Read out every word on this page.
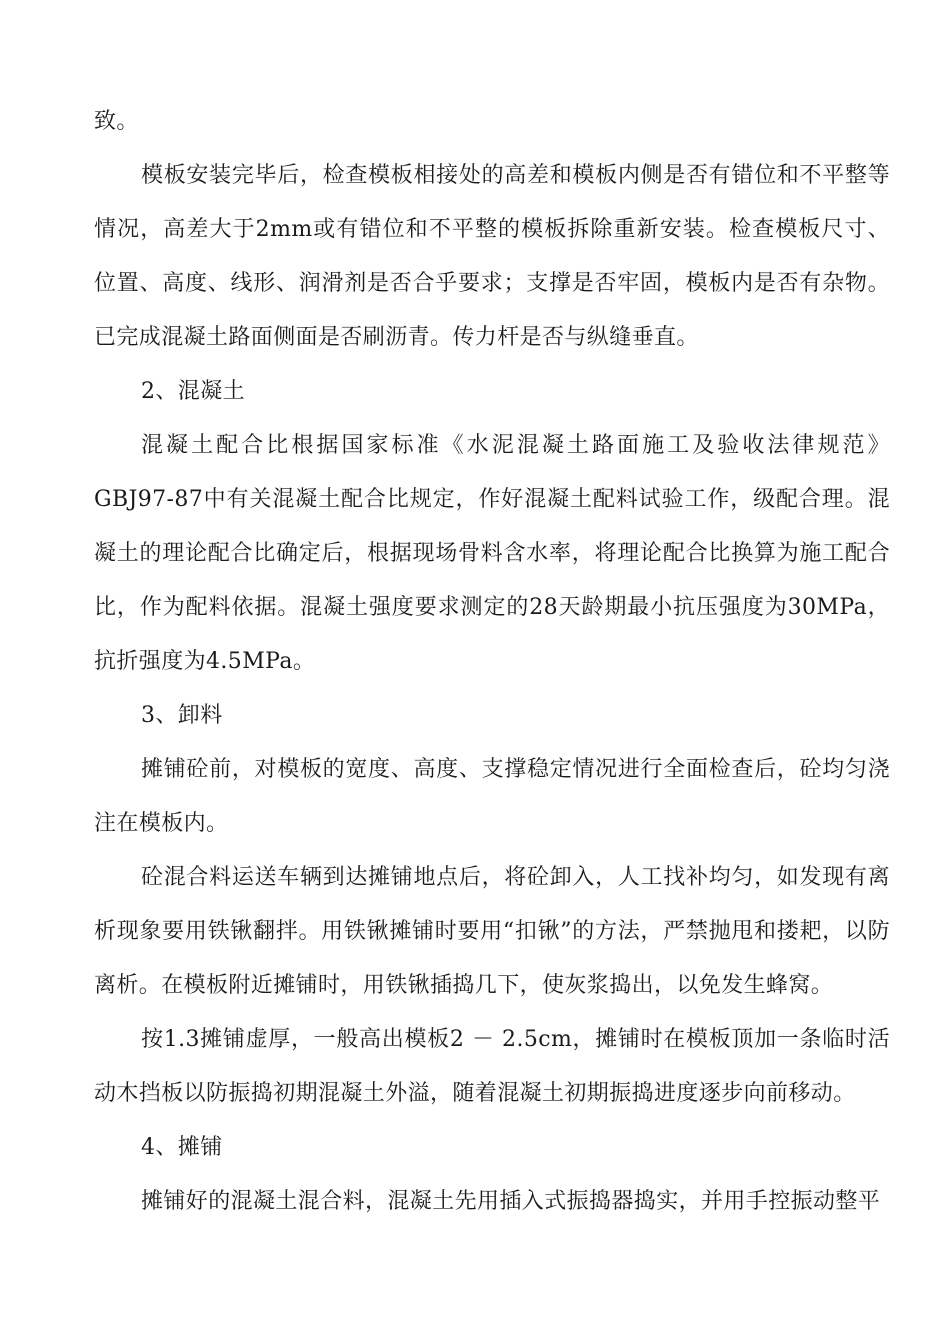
致。

模板安装完毕后，检查模板相接处的高差和模板内侧是否有错位和不平整等情况，高差大于2mm或有错位和不平整的模板拆除重新安装。检查模板尺寸、位置、高度、线形、润滑剂是否合乎要求；支撑是否牢固，模板内是否有杂物。已完成混凝土路面侧面是否刷沥青。传力杆是否与纵缝垂直。

2、混凝土

混凝土配合比根据国家标准《水泥混凝土路面施工及验收法律规范》GBJ97-87中有关混凝土配合比规定，作好混凝土配料试验工作，级配合理。混凝土的理论配合比确定后，根据现场骨料含水率，将理论配合比换算为施工配合比，作为配料依据。混凝土强度要求测定的28天龄期最小抗压强度为30MPa，抗折强度为4.5MPa。

3、卸料

摊铺砼前，对模板的宽度、高度、支撑稳定情况进行全面检查后，砼均匀浇注在模板内。

砼混合料运送车辆到达摊铺地点后，将砼卸入，人工找补均匀，如发现有离析现象要用铁锹翻拌。用铁锹摊铺时要用“扣锹”的方法，严禁抛甩和搂耙，以防离析。在模板附近摊铺时，用铁锹插捣几下，使灰浆捣出，以免发生蜂窝。

按1.3摊铺虚厚，一般高出模板2 － 2.5cm，摊铺时在模板顶加一条临时活动木挡板以防振捣初期混凝土外溢，随着混凝土初期振捣进度逐步向前移动。

4、摊铺

摊铺好的混凝土混合料，混凝土先用插入式振捣器捣实，并用手控振动整平
